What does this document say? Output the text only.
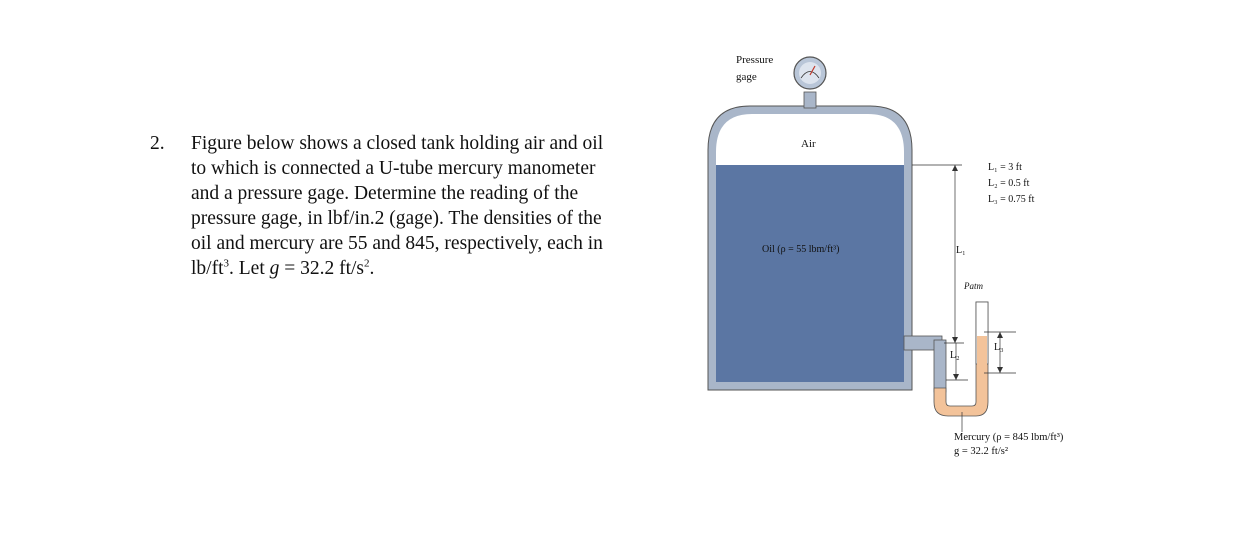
2. Figure below shows a closed tank holding air and oil
to which is connected a U-tube mercury manometer
and a pressure gage. Determine the reading of the
pressure gage, in lbf/in.2 (gage). The densities of the
oil and mercury are 55 and 845, respectively, each in
$lb/ft^3$. Let g = 32.2 $ft/s^2$.
Pressure
gage
Air
Oil (ρ = 55 lbm/ft³)
L₁ = 3 ft
L₂ = 0.5 ft
L₃ = 0.75 ft
L₁
Patm
L₂
L₃
Mercury (ρ = 845 lbm/ft³)
g = 32.2 ft/s²
